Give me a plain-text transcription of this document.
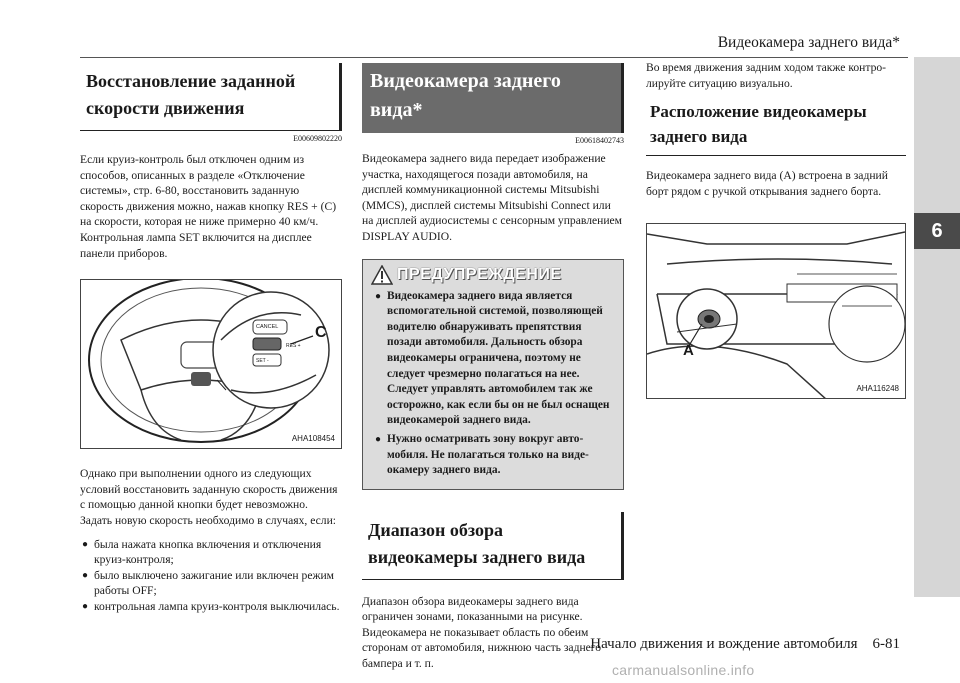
Видеокамера заднего вида*
6
Восстановление заданной скорости движения
E00609802220
Если круиз-контроль был отключен одним из способов, описанных в разделе «Отключение системы», стр. 6-80, восстановить заданную скорость движения можно, нажав кнопку RES + (C) на скорости, которая не ниже примерно 40 км/ч. Контрольная лампа SET включится на дисплее панели приборов.
C
CANCEL
RES +
SET -
AHA108454
Однако при выполнении одного из следующих условий восстановить заданную скорость движения с помощью данной кнопки будет невозможно. Задать новую скорость необходимо в случаях, если:
● была нажата кнопка включения и отключения круиз-контроля;
● было выключено зажигание или включен режим работы OFF;
● контрольная лампа круиз-контроля выключилась.
Видеокамера заднего вида*
E00618402743
Видеокамера заднего вида передает изображение участка, находящегося позади автомобиля, на дисплей коммуникационной системы Mitsubishi (MMCS), дисплей системы Mitsubishi Connect или на дисплей аудиосистемы с сенсорным управлением DISPLAY AUDIO.
ПРЕДУПРЕЖДЕНИЕ
● Видеокамера заднего вида является вспомогательной системой, позволяющей водителю обнаруживать препятствия позади автомобиля. Дальность обзора видеокамеры ограничена, поэтому не следует чрезмерно полагаться на нее. Следует управлять автомобилем так же осторожно, как если бы он не был оснащен видеокамерой заднего вида.
● Нужно осматривать зону вокруг автомобиля. Не полагаться только на видеокамеру заднего вида.
Диапазон обзора видеокамеры заднего вида
Диапазон обзора видеокамеры заднего вида ограничен зонами, показанными на рисунке. Видеокамера не показывает область по обеим сторонам от автомобиля, нижнюю часть заднего бампера и т. п.
Во время движения задним ходом также контролируйте ситуацию визуально.
Расположение видеокамеры заднего вида
Видеокамера заднего вида (A) встроена в задний борт рядом с ручкой открывания заднего борта.
A
AHA116248
Начало движения и вождение автомобиля    6-81
carmanualsonline.info
